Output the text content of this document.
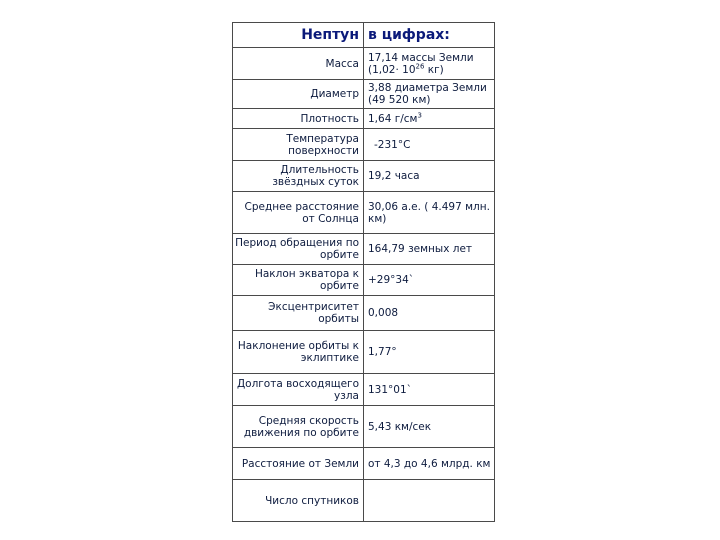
Нептун	в цифрах:
Масса	17,14 массы Земли ($1,02\cdot 10^{26}$ кг)
Диаметр	3,88 диаметра Земли (49 520 км)
Плотность	1,64 $г/см^3$
Температура поверхности	-231°С
Длительность звёздных суток	19,2 часа
Среднее расстояние от Солнца	30,06 а.е. ( 4.497 млн. км)
Период обращения по орбите	164,79 земных лет
Наклон экватора к орбите	+29°34`
Эксцентриситет орбиты	0,008
Наклонение орбиты к эклиптике	1,77°
Долгота восходящего узла	131°01`
Средняя скорость движения по орбите	5,43 км/сек
Расстояние от Земли	от 4,3 до 4,6 млрд. км
Число спутников	
